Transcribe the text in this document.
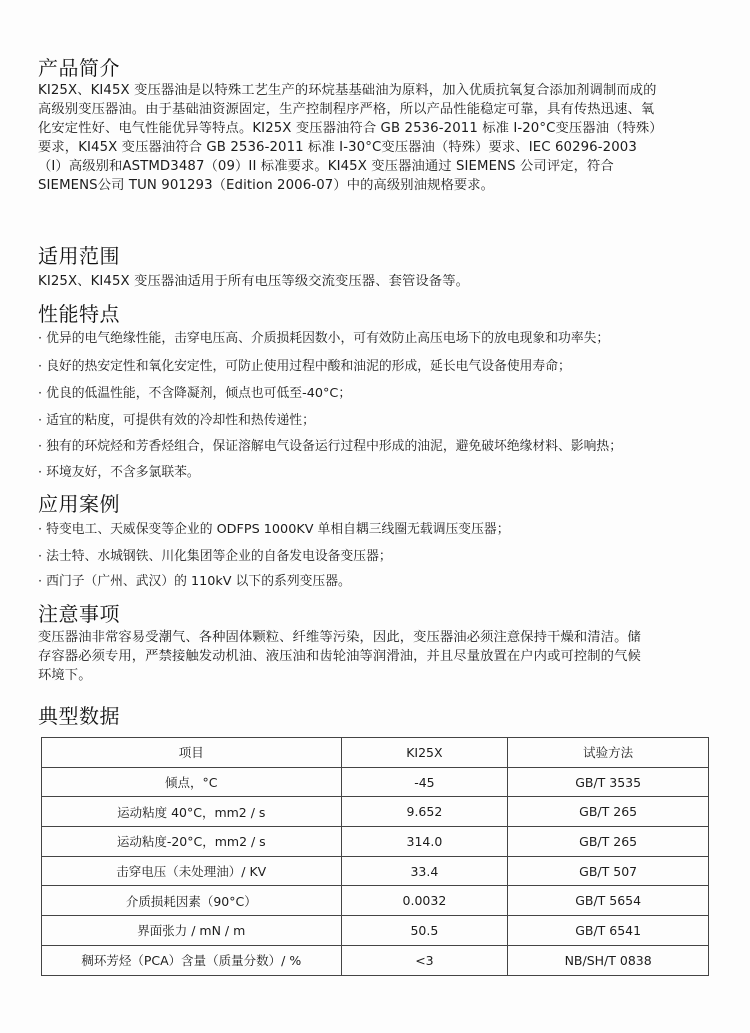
产品简介

KI25X、KI45X 变压器油是以特殊工艺生产的环烷基基础油为原料，加入优质抗氧复合添加剂调制而成的

高级别变压器油。由于基础油资源固定，生产控制程序严格，所以产品性能稳定可靠，具有传热迅速、氧

化安定性好、电气性能优异等特点。KI25X 变压器油符合 GB 2536-2011 标准 I-20°C变压器油（特殊）

要求，KI45X 变压器油符合 GB 2536-2011 标准 I-30°C变压器油（特殊）要求、IEC 60296-2003

（I）高级别和ASTMD3487（09）II 标准要求。KI45X 变压器油通过 SIEMENS 公司评定，符合

SIEMENS公司 TUN 901293（Edition 2006-07）中的高级别油规格要求。

适用范围

KI25X、KI45X 变压器油适用于所有电压等级交流变压器、套管设备等。

性能特点

· 优异的电气绝缘性能，击穿电压高、介质损耗因数小，可有效防止高压电场下的放电现象和功率失；

· 良好的热安定性和氧化安定性，可防止使用过程中酸和油泥的形成，延长电气设备使用寿命；

· 优良的低温性能，不含降凝剂，倾点也可低至-40°C；

· 适宜的粘度，可提供有效的冷却性和热传递性；

· 独有的环烷烃和芳香烃组合，保证溶解电气设备运行过程中形成的油泥，避免破坏绝缘材料、影响热；

· 环境友好，不含多氯联苯。

应用案例

· 特变电工、天威保变等企业的 ODFPS 1000KV 单相自耦三线圈无载调压变压器；

· 法士特、水城钢铁、川化集团等企业的自备发电设备变压器；

· 西门子（广州、武汉）的 110kV 以下的系列变压器。

注意事项

变压器油非常容易受潮气、各种固体颗粒、纤维等污染，因此，变压器油必须注意保持干燥和清洁。储

存容器必须专用，严禁接触发动机油、液压油和齿轮油等润滑油，并且尽量放置在户内或可控制的气候

环境下。

典型数据
项目	KI25X	试验方法
倾点，°C	-45	GB/T 3535
运动粘度 40°C，mm2 / s	9.652	GB/T 265
运动粘度-20°C，mm2 / s	314.0	GB/T 265
击穿电压（未处理油）/ KV	33.4	GB/T 507
介质损耗因素（90°C）	0.0032	GB/T 5654
界面张力 / mN / m	50.5	GB/T 6541
稠环芳烃（PCA）含量（质量分数）/ %	<3	NB/SH/T 0838
